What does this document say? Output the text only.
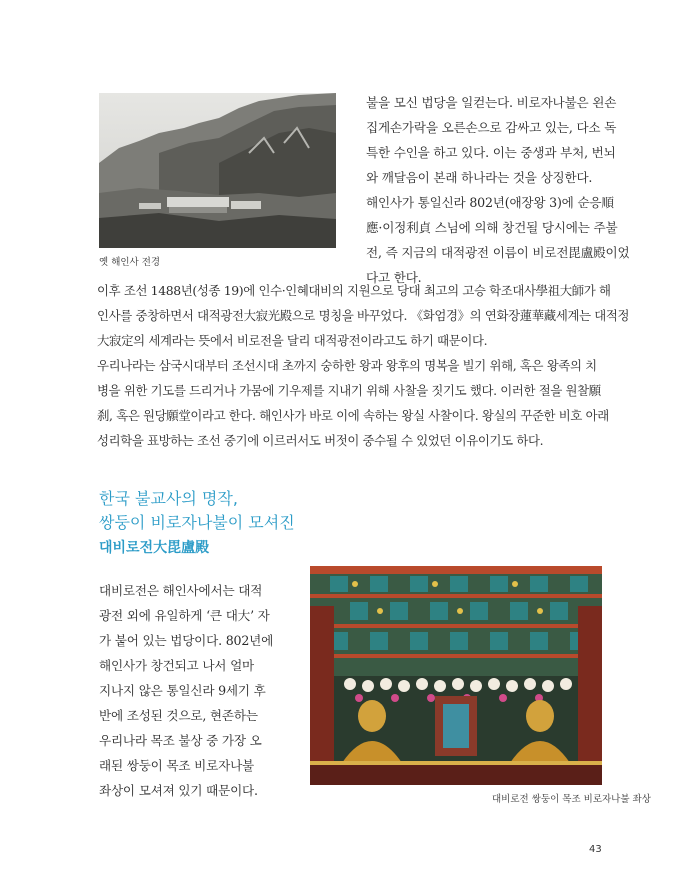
옛 해인사 전경

불을 모신 법당을 일컫는다. 비로자나불은 왼손

집게손가락을 오른손으로 감싸고 있는, 다소 독

특한 수인을 하고 있다. 이는 중생과 부처, 번뇌

와 깨달음이 본래 하나라는 것을 상징한다.

해인사가 통일신라 802년(애장왕 3)에 순응順

應·이정利貞 스님에 의해 창건될 당시에는 주불

전, 즉 지금의 대적광전 이름이 비로전毘盧殿이었

다고 한다.

이후 조선 1488년(성종 19)에 인수·인혜대비의 지원으로 당대 최고의 고승 학조대사學祖大師가 해

인사를 중창하면서 대적광전大寂光殿으로 명칭을 바꾸었다. 《화엄경》의 연화장蓮華藏세계는 대적정

大寂定의 세계라는 뜻에서 비로전을 달리 대적광전이라고도 하기 때문이다.

우리나라는 삼국시대부터 조선시대 초까지 숭하한 왕과 왕후의 명복을 빌기 위해, 혹은 왕족의 치

병을 위한 기도를 드리거나 가뭄에 기우제를 지내기 위해 사찰을 짓기도 했다. 이러한 절을 원찰願

刹, 혹은 원당願堂이라고 한다. 해인사가 바로 이에 속하는 왕실 사찰이다. 왕실의 꾸준한 비호 아래

성리학을 표방하는 조선 중기에 이르러서도 버젓이 중수될 수 있었던 이유이기도 하다.

한국 불교사의 명작,
쌍둥이 비로자나불이 모셔진
대비로전大毘盧殿

대비로전은 해인사에서는 대적

광전 외에 유일하게 ‘큰 대大’ 자

가 붙어 있는 법당이다. 802년에

해인사가 창건되고 나서 얼마

지나지 않은 통일신라 9세기 후

반에 조성된 것으로, 현존하는

우리나라 목조 불상 중 가장 오

래된 쌍둥이 목조 비로자나불

좌상이 모셔져 있기 때문이다.

대비로전 쌍둥이 목조 비로자나불 좌상
43
